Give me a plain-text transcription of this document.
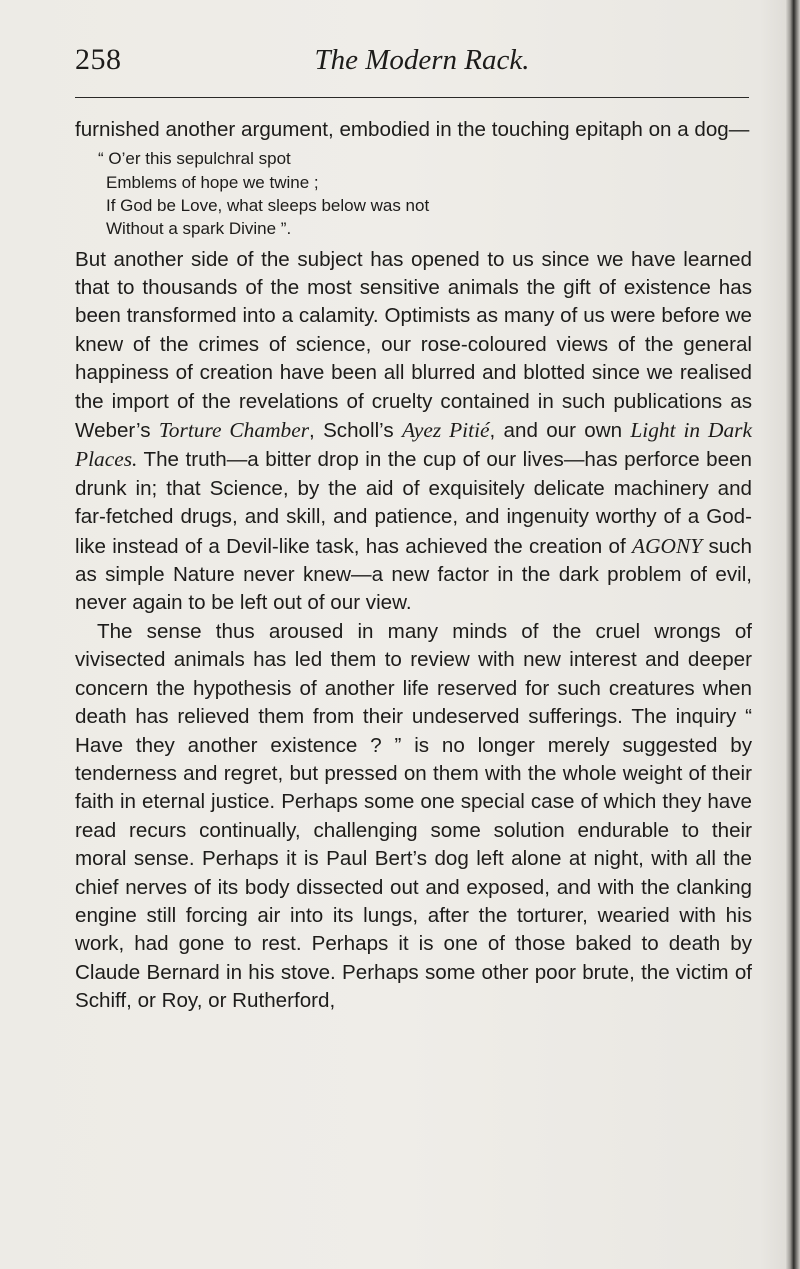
258	The Modern Rack.

furnished another argument, embodied in the touching epitaph on a dog—

“ O’er this sepulchral spot
Emblems of hope we twine ;
If God be Love, what sleeps below was not
Without a spark Divine ”.

But another side of the subject has opened to us since we have learned that to thousands of the most sensitive animals the gift of existence has been transformed into a calamity. Optimists as many of us were before we knew of the crimes of science, our rose-coloured views of the general happiness of creation have been all blurred and blotted since we realised the import of the revelations of cruelty contained in such publications as Weber’s Torture Chamber, Scholl’s Ayez Pitié, and our own Light in Dark Places. The truth—a bitter drop in the cup of our lives—has perforce been drunk in; that Science, by the aid of exquisitely delicate machinery and far-fetched drugs, and skill, and patience, and ingenuity worthy of a God-like instead of a Devil-like task, has achieved the creation of AGONY such as simple Nature never knew—a new factor in the dark problem of evil, never again to be left out of our view.

The sense thus aroused in many minds of the cruel wrongs of vivisected animals has led them to review with new interest and deeper concern the hypothesis of another life reserved for such creatures when death has relieved them from their undeserved sufferings. The inquiry “ Have they another existence ? ” is no longer merely suggested by tenderness and regret, but pressed on them with the whole weight of their faith in eternal justice. Perhaps some one special case of which they have read recurs continually, challenging some solution endurable to their moral sense. Perhaps it is Paul Bert’s dog left alone at night, with all the chief nerves of its body dissected out and exposed, and with the clanking engine still forcing air into its lungs, after the torturer, wearied with his work, had gone to rest. Perhaps it is one of those baked to death by Claude Bernard in his stove. Perhaps some other poor brute, the victim of Schiff, or Roy, or Rutherford,
